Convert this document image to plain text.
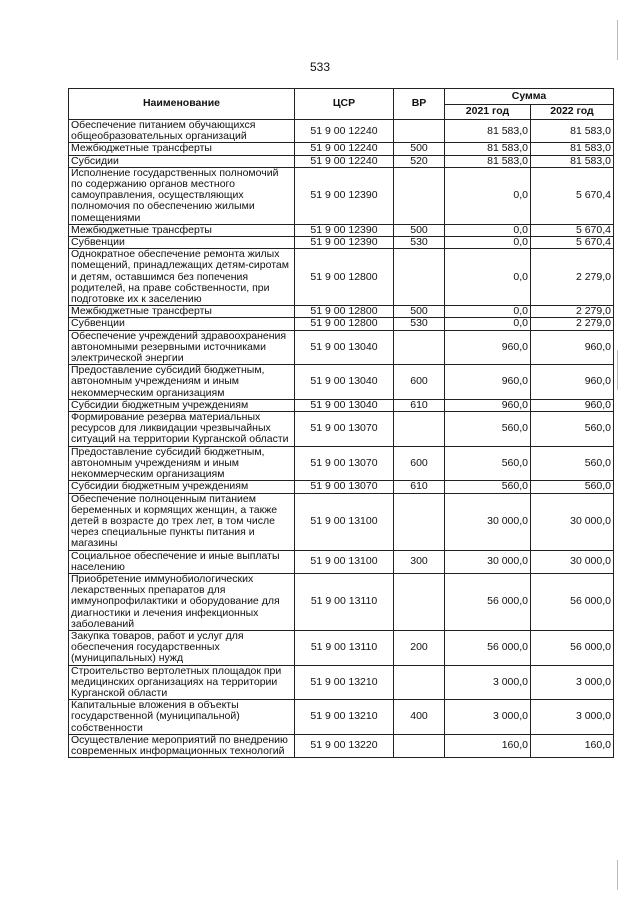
533
Наименование	ЦСР	ВР	Сумма	
			2021 год	2022 год
Обеспечение питанием обучающихся общеобразовательных организаций	51 9 00 12240		81 583,0	81 583,0
Межбюджетные трансферты	51 9 00 12240	500	81 583,0	81 583,0
Субсидии	51 9 00 12240	520	81 583,0	81 583,0
Исполнение государственных полномочий по содержанию органов местного самоуправления, осуществляющих полномочия по обеспечению жилыми помещениями	51 9 00 12390		0,0	5 670,4
Межбюджетные трансферты	51 9 00 12390	500	0,0	5 670,4
Субвенции	51 9 00 12390	530	0,0	5 670,4
Однократное обеспечение ремонта жилых помещений, принадлежащих детям-сиротам и детям, оставшимся без попечения родителей, на праве собственности, при подготовке их к заселению	51 9 00 12800		0,0	2 279,0
Межбюджетные трансферты	51 9 00 12800	500	0,0	2 279,0
Субвенции	51 9 00 12800	530	0,0	2 279,0
Обеспечение учреждений здравоохранения автономными резервными источниками электрической энергии	51 9 00 13040		960,0	960,0
Предоставление субсидий бюджетным, автономным учреждениям и иным некоммерческим организациям	51 9 00 13040	600	960,0	960,0
Субсидии бюджетным учреждениям	51 9 00 13040	610	960,0	960,0
Формирование резерва материальных ресурсов для ликвидации чрезвычайных ситуаций на территории Курганской области	51 9 00 13070		560,0	560,0
Предоставление субсидий бюджетным, автономным учреждениям и иным некоммерческим организациям	51 9 00 13070	600	560,0	560,0
Субсидии бюджетным учреждениям	51 9 00 13070	610	560,0	560,0
Обеспечение полноценным питанием беременных и кормящих женщин, а также детей в возрасте до трех лет, в том числе через специальные пункты питания и магазины	51 9 00 13100		30 000,0	30 000,0
Социальное обеспечение и иные выплаты населению	51 9 00 13100	300	30 000,0	30 000,0
Приобретение иммунобиологических лекарственных препаратов для иммунопрофилактики и оборудование для диагностики и лечения инфекционных заболеваний	51 9 00 13110		56 000,0	56 000,0
Закупка товаров, работ и услуг для обеспечения государственных (муниципальных) нужд	51 9 00 13110	200	56 000,0	56 000,0
Строительство вертолетных площадок при медицинских организациях на территории Курганской области	51 9 00 13210		3 000,0	3 000,0
Капитальные вложения в объекты государственной (муниципальной) собственности	51 9 00 13210	400	3 000,0	3 000,0
Осуществление мероприятий по внедрению современных информационных технологий	51 9 00 13220		160,0	160,0
